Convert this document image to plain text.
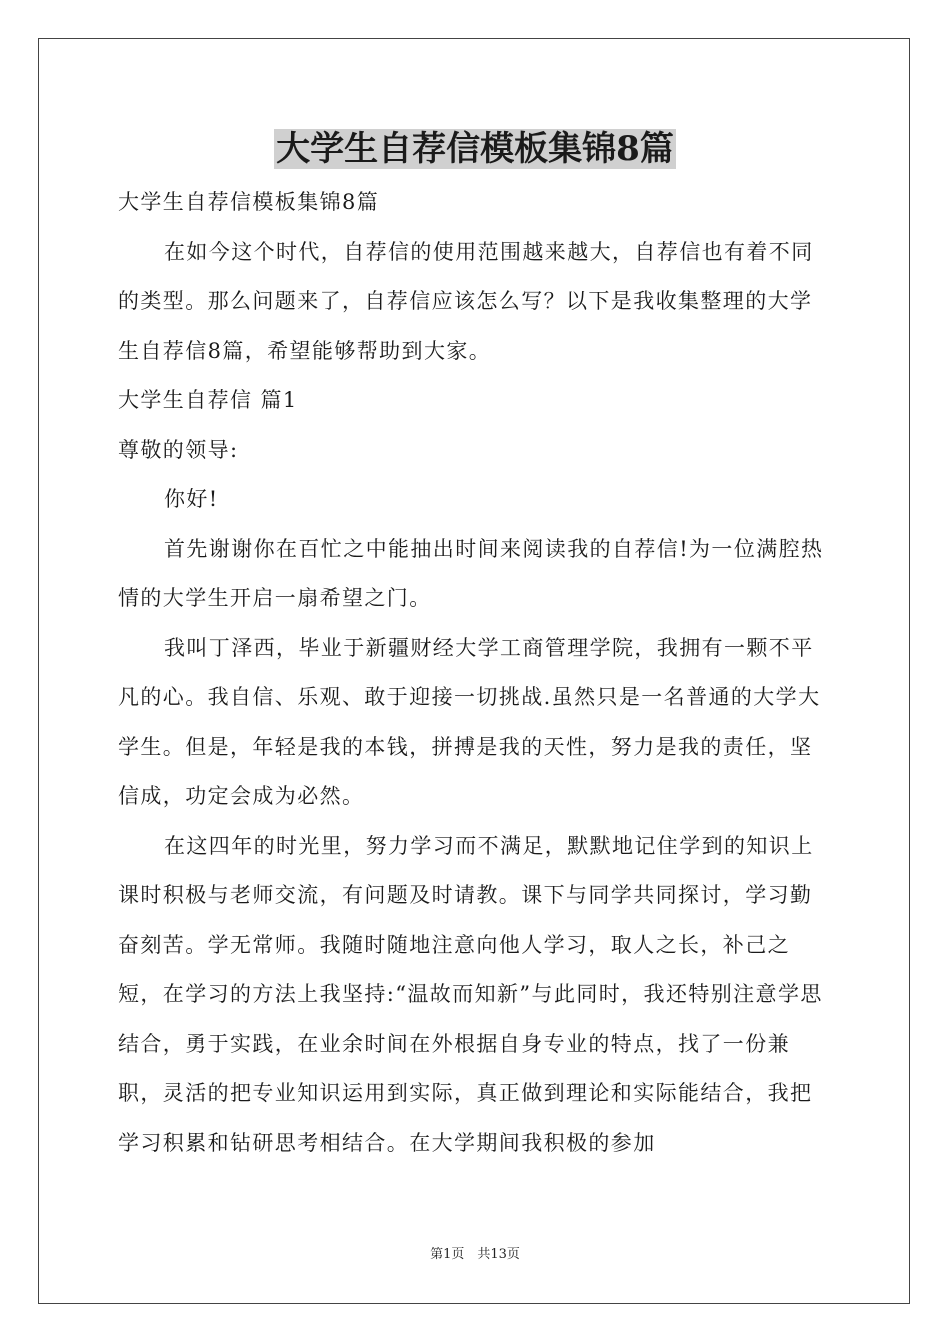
大学生自荐信模板集锦8篇

大学生自荐信模板集锦8篇

在如今这个时代，自荐信的使用范围越来越大，自荐信也有着不同的类型。那么问题来了，自荐信应该怎么写？以下是我收集整理的大学生自荐信8篇，希望能够帮助到大家。

大学生自荐信 篇1

尊敬的领导:

你好!

首先谢谢你在百忙之中能抽出时间来阅读我的自荐信!为一位满腔热情的大学生开启一扇希望之门。

我叫丁泽西，毕业于新疆财经大学工商管理学院，我拥有一颗不平凡的心。我自信、乐观、敢于迎接一切挑战.虽然只是一名普通的大学大学生。但是，年轻是我的本钱，拼搏是我的天性，努力是我的责任，坚信成，功定会成为必然。

在这四年的时光里，努力学习而不满足，默默地记住学到的知识上课时积极与老师交流，有问题及时请教。课下与同学共同探讨，学习勤奋刻苦。学无常师。我随时随地注意向他人学习，取人之长，补己之短，在学习的方法上我坚持:“温故而知新”与此同时，我还特别注意学思结合，勇于实践，在业余时间在外根据自身专业的特点，找了一份兼职，灵活的把专业知识运用到实际，真正做到理论和实际能结合，我把学习积累和钻研思考相结合。在大学期间我积极的参加

第1页　共13页
